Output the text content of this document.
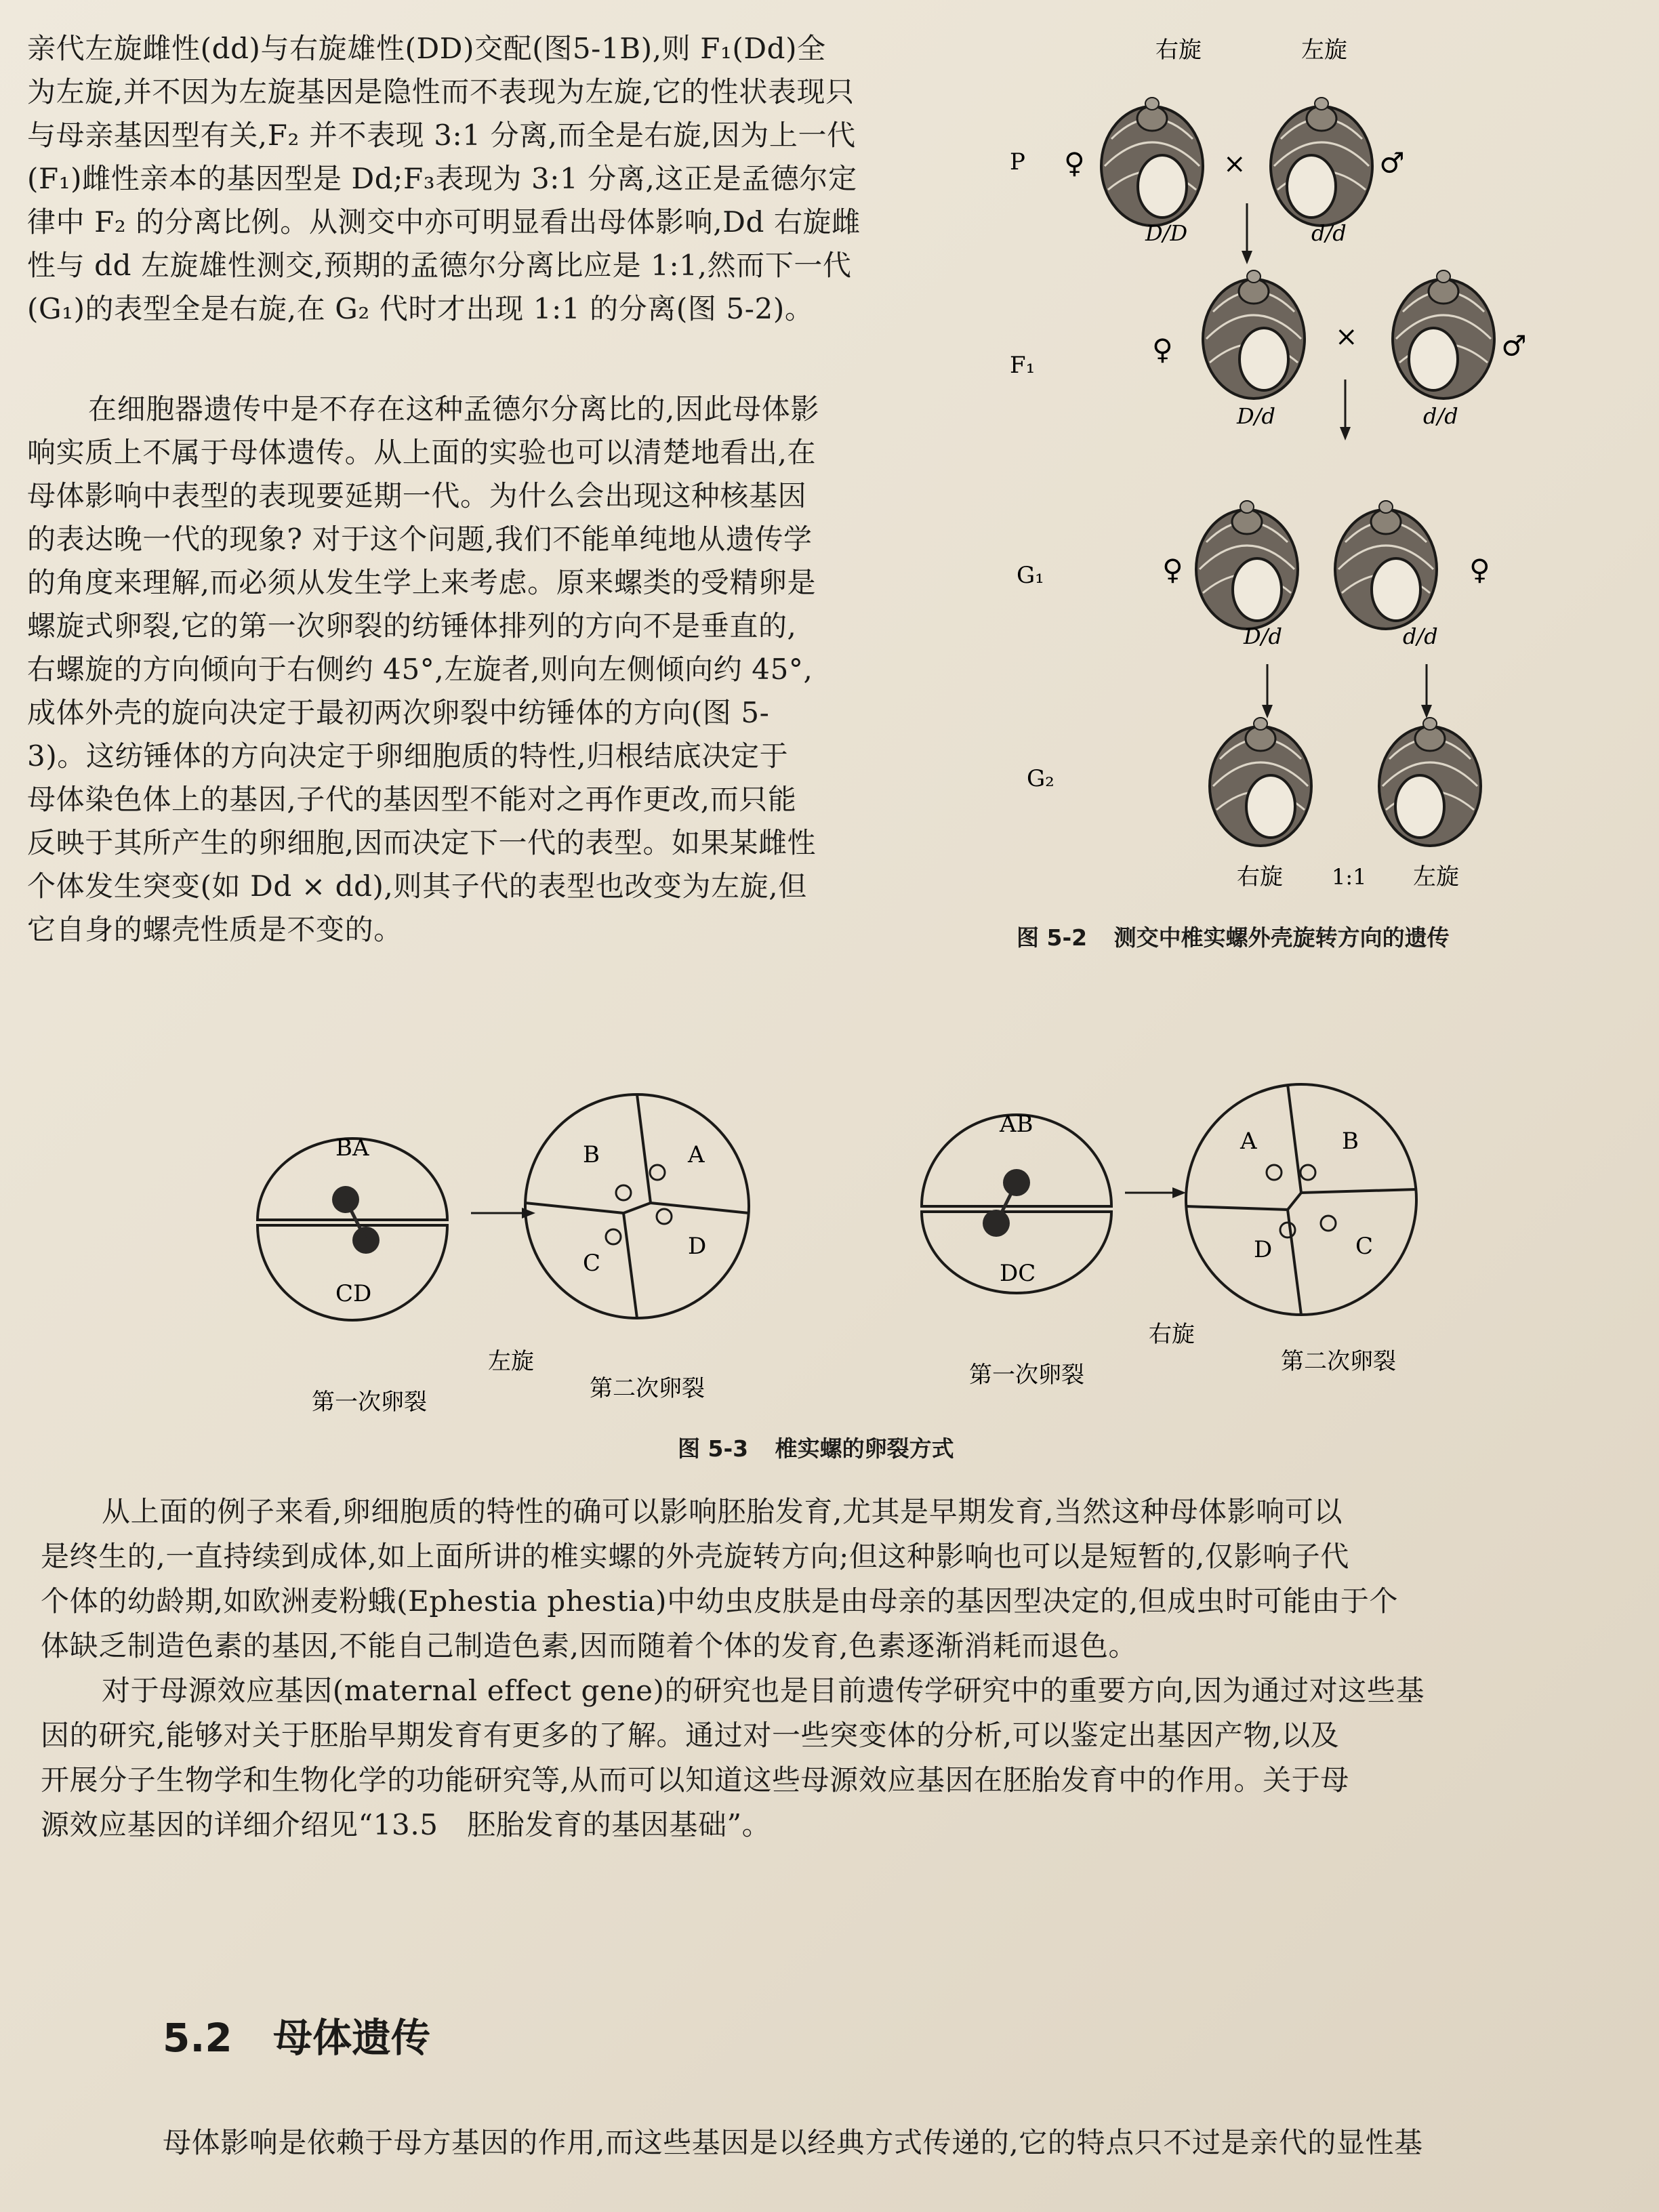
亲代左旋雌性(dd)与右旋雄性(DD)交配(图5-1B),则 F₁(Dd)全
为左旋,并不因为左旋基因是隐性而不表现为左旋,它的性状表现只
与母亲基因型有关,F₂ 并不表现 3:1 分离,而全是右旋,因为上一代
(F₁)雌性亲本的基因型是 Dd;F₃表现为 3:1 分离,这正是孟德尔定
律中 F₂ 的分离比例。从测交中亦可明显看出母体影响,Dd 右旋雌
性与 dd 左旋雄性测交,预期的孟德尔分离比应是 1:1,然而下一代
(G₁)的表型全是右旋,在 G₂ 代时才出现 1:1 的分离(图 5-2)。
在细胞器遗传中是不存在这种孟德尔分离比的,因此母体影
响实质上不属于母体遗传。从上面的实验也可以清楚地看出,在
母体影响中表型的表现要延期一代。为什么会出现这种核基因
的表达晚一代的现象? 对于这个问题,我们不能单纯地从遗传学
的角度来理解,而必须从发生学上来考虑。原来螺类的受精卵是
螺旋式卵裂,它的第一次卵裂的纺锤体排列的方向不是垂直的,
右螺旋的方向倾向于右侧约 45°,左旋者,则向左侧倾向约 45°,
成体外壳的旋向决定于最初两次卵裂中纺锤体的方向(图 5-
3)。这纺锤体的方向决定于卵细胞质的特性,归根结底决定于
母体染色体上的基因,子代的基因型不能对之再作更改,而只能
反映于其所产生的卵细胞,因而决定下一代的表型。如果某雌性
个体发生突变(如 Dd × dd),则其子代的表型也改变为左旋,但
它自身的螺壳性质是不变的。
右旋	左旋
P ♀	×	♂
D/D	d/d
F₁	♀	×	♂
D/d	d/d
G₁	♀	♀
D/d	d/d
G₂
右旋 1:1 左旋
图 5-2 测交中椎实螺外壳旋转方向的遗传
BA
CD
B	A
C
D
左旋
第一次卵裂	第二次卵裂
AB
DC
A	B
D	C
右旋
第一次卵裂	第二次卵裂
图 5-3 椎实螺的卵裂方式
从上面的例子来看,卵细胞质的特性的确可以影响胚胎发育,尤其是早期发育,当然这种母体影响可以
是终生的,一直持续到成体,如上面所讲的椎实螺的外壳旋转方向;但这种影响也可以是短暂的,仅影响子代
个体的幼龄期,如欧洲麦粉蛾(Ephestia phestia)中幼虫皮肤是由母亲的基因型决定的,但成虫时可能由于个
体缺乏制造色素的基因,不能自己制造色素,因而随着个体的发育,色素逐渐消耗而退色。
对于母源效应基因(maternal effect gene)的研究也是目前遗传学研究中的重要方向,因为通过对这些基
因的研究,能够对关于胚胎早期发育有更多的了解。通过对一些突变体的分析,可以鉴定出基因产物,以及
开展分子生物学和生物化学的功能研究等,从而可以知道这些母源效应基因在胚胎发育中的作用。关于母
源效应基因的详细介绍见“13.5　胚胎发育的基因基础”。
5.2 母体遗传
母体影响是依赖于母方基因的作用,而这些基因是以经典方式传递的,它的特点只不过是亲代的显性基
